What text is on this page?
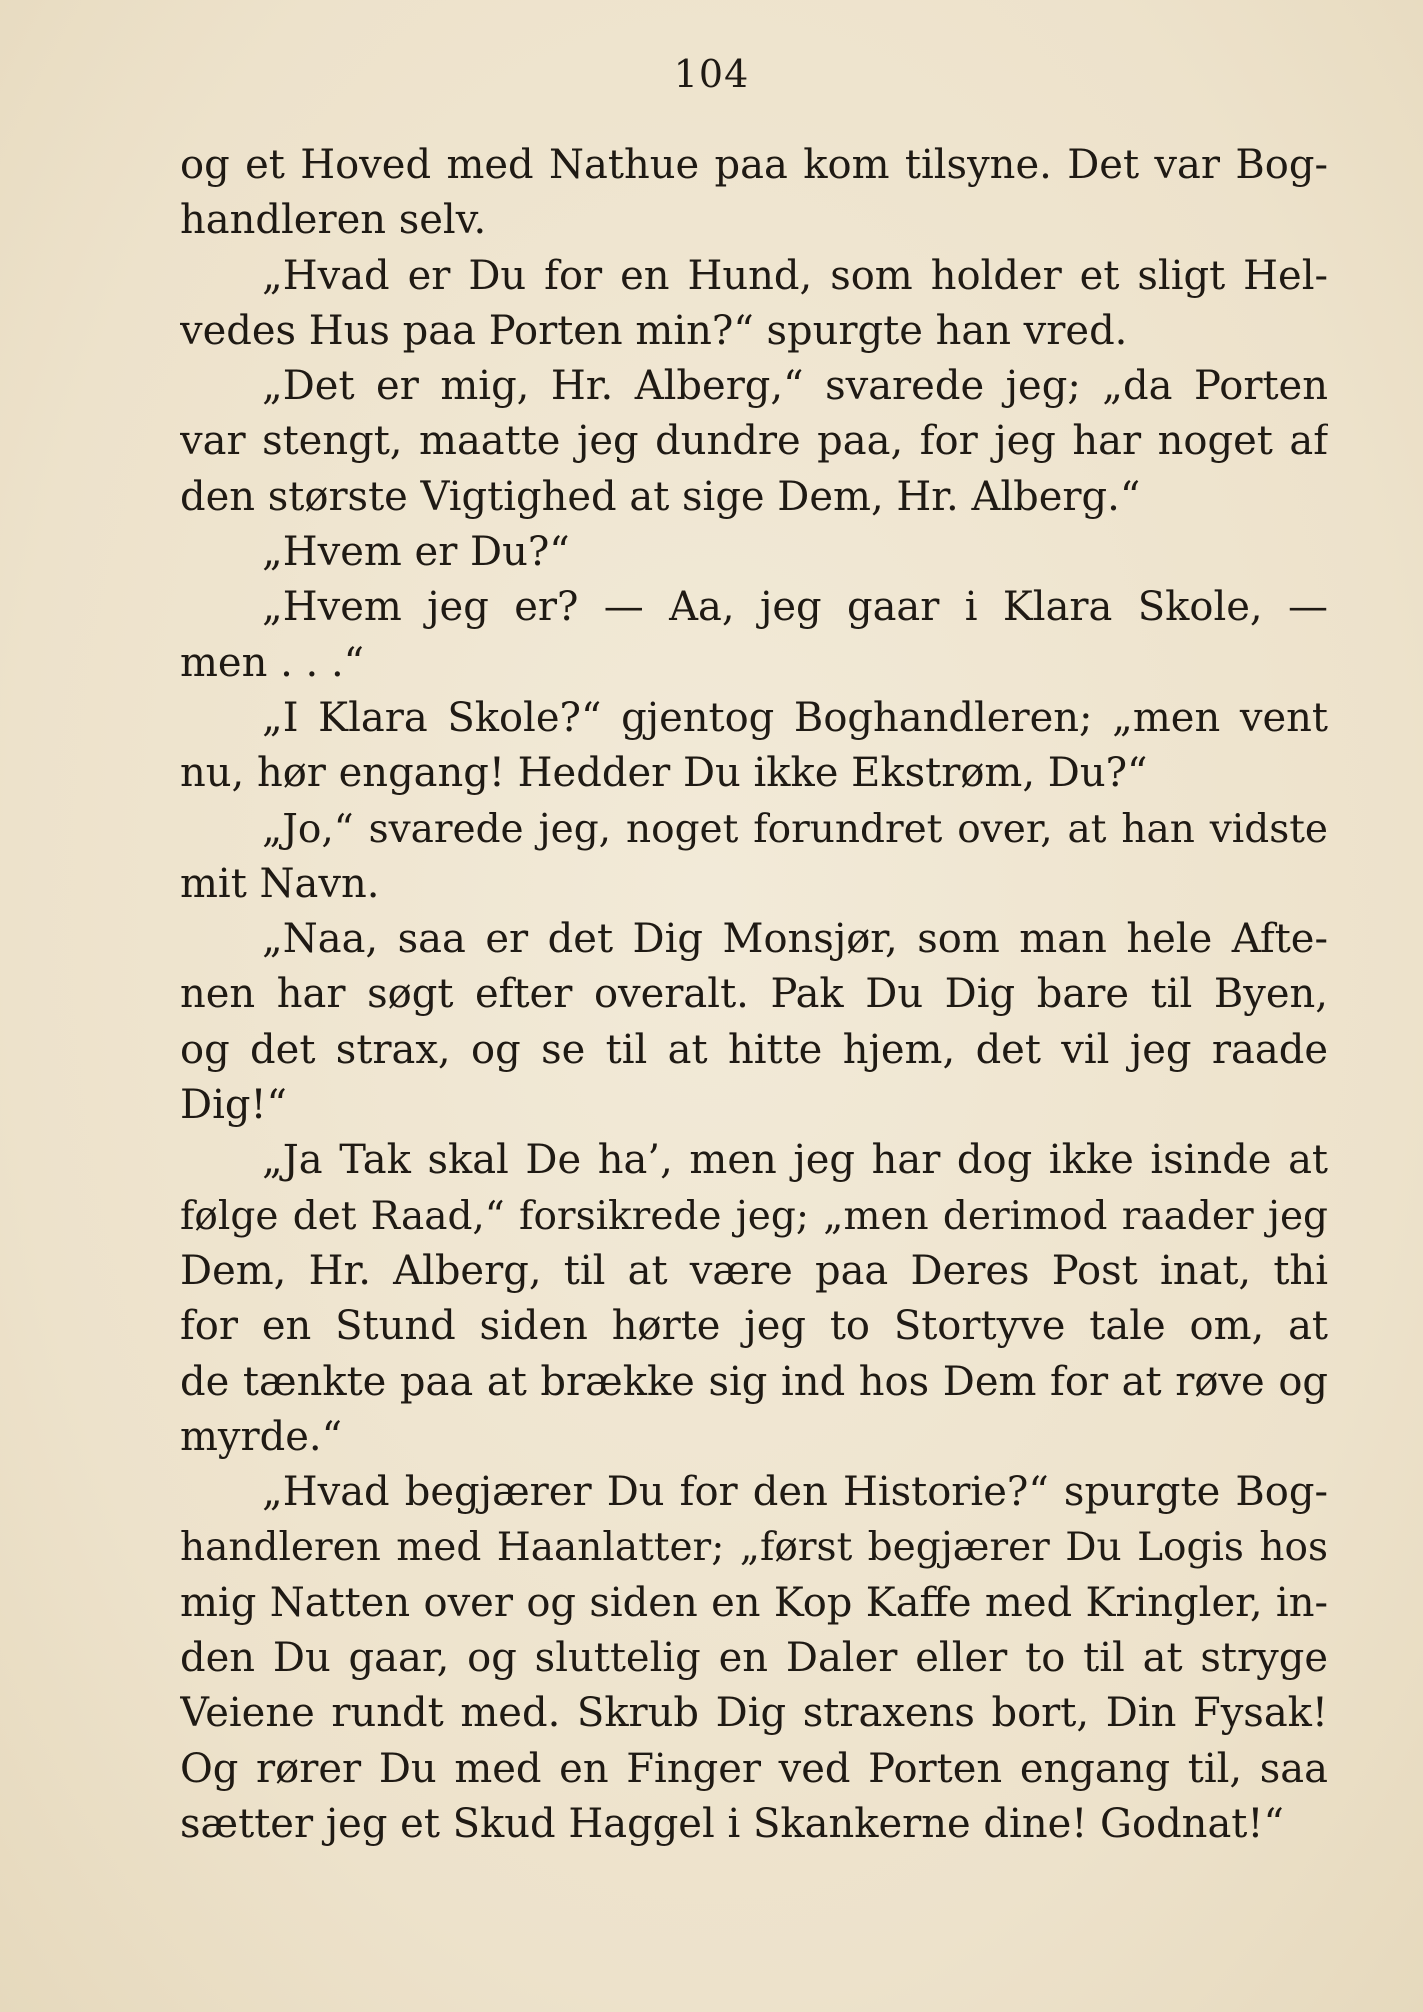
104
og et Hoved med Nathue paa kom tilsyne. Det var Bog-
handleren selv.
„Hvad er Du for en Hund, som holder et sligt Hel-
vedes Hus paa Porten min?“ spurgte han vred.
„Det er mig, Hr. Alberg,“ svarede jeg; „da Porten
var stengt, maatte jeg dundre paa, for jeg har noget af
den største Vigtighed at sige Dem, Hr. Alberg.“
„Hvem er Du?“
„Hvem jeg er? — Aa, jeg gaar i Klara Skole, —
men . . .“
„I Klara Skole?“ gjentog Boghandleren; „men vent
nu, hør engang! Hedder Du ikke Ekstrøm, Du?“
„Jo,“ svarede jeg, noget forundret over, at han vidste
mit Navn.
„Naa, saa er det Dig Monsjør, som man hele Afte-
nen har søgt efter overalt. Pak Du Dig bare til Byen,
og det strax, og se til at hitte hjem, det vil jeg raade
Dig!“
„Ja Tak skal De ha’, men jeg har dog ikke isinde at
følge det Raad,“ forsikrede jeg; „men derimod raader jeg
Dem, Hr. Alberg, til at være paa Deres Post inat, thi
for en Stund siden hørte jeg to Stortyve tale om, at
de tænkte paa at brække sig ind hos Dem for at røve og
myrde.“
„Hvad begjærer Du for den Historie?“ spurgte Bog-
handleren med Haanlatter; „først begjærer Du Logis hos
mig Natten over og siden en Kop Kaffe med Kringler, in-
den Du gaar, og sluttelig en Daler eller to til at stryge
Veiene rundt med. Skrub Dig straxens bort, Din Fysak!
Og rører Du med en Finger ved Porten engang til, saa
sætter jeg et Skud Haggel i Skankerne dine! Godnat!“
